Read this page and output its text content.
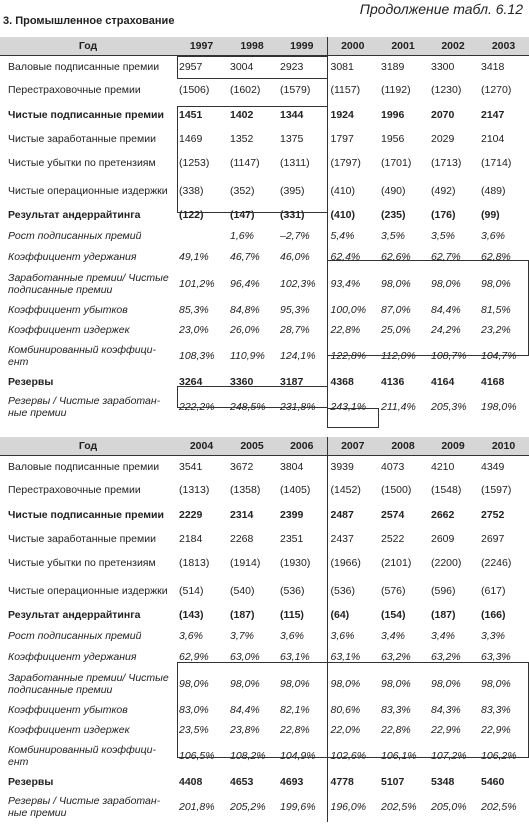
Продолжение табл. 6.12
3. Промышленное страхование
Год	1997	1998	1999	2000	2001	2002	2003
Валовые подписанные премии	2957	3004	2923	3081	3189	3300	3418
Перестраховочные премии	(1506)	(1602)	(1579)	(1157)	(1192)	(1230)	(1270)
Чистые подписанные премии	1451	1402	1344	1924	1996	2070	2147
Чистые заработанные премии	1469	1352	1375	1797	1956	2029	2104
Чистые убытки по претензиям	(1253)	(1147)	(1311)	(1797)	(1701)	(1713)	(1714)
Чистые операционные издержки	(338)	(352)	(395)	(410)	(490)	(492)	(489)
Результат андеррайтинга	(122)	(147)	(331)	(410)	(235)	(176)	(99)
Рост подписанных премий		1,6%	–2,7%	5,4%	3,5%	3,5%	3,6%
Коэффициент удержания	49,1%	46,7%	46,0%	62,4%	62,6%	62,7%	62,8%
Заработанные премии/ Чистые подписанные премии	101,2%	96,4%	102,3%	93,4%	98,0%	98,0%	98,0%
Коэффициент убытков	85,3%	84,8%	95,3%	100,0%	87,0%	84,4%	81,5%
Коэффициент издержек	23,0%	26,0%	28,7%	22,8%	25,0%	24,2%	23,2%
Комбинированный коэффици- ент	108,3%	110,9%	124,1%	122,8%	112,0%	108,7%	104,7%
Резервы	3264	3360	3187	4368	4136	4164	4168
Резервы / Чистые заработан- ные премии	222,2%	248,5%	231,8%	243,1%	211,4%	205,3%	198,0%
Год	2004	2005	2006	2007	2008	2009	2010
Валовые подписанные премии	3541	3672	3804	3939	4073	4210	4349
Перестраховочные премии	(1313)	(1358)	(1405)	(1452)	(1500)	(1548)	(1597)
Чистые подписанные премии	2229	2314	2399	2487	2574	2662	2752
Чистые заработанные премии	2184	2268	2351	2437	2522	2609	2697
Чистые убытки по претензиям	(1813)	(1914)	(1930)	(1966)	(2101)	(2200)	(2246)
Чистые операционные издержки	(514)	(540)	(536)	(536)	(576)	(596)	(617)
Результат андеррайтинга	(143)	(187)	(115)	(64)	(154)	(187)	(166)
Рост подписанных премий	3,6%	3,7%	3,6%	3,6%	3,4%	3,4%	3,3%
Коэффициент удержания	62,9%	63,0%	63,1%	63,1%	63,2%	63,2%	63,3%
Заработанные премии/ Чистые подписанные премии	98,0%	98,0%	98,0%	98,0%	98,0%	98,0%	98,0%
Коэффициент убытков	83,0%	84,4%	82,1%	80,6%	83,3%	84,3%	83,3%
Коэффициент издержек	23,5%	23,8%	22,8%	22,0%	22,8%	22,9%	22,9%
Комбинированный коэффици- ент	106,5%	108,2%	104,9%	102,6%	106,1%	107,2%	106,2%
Резервы	4408	4653	4693	4778	5107	5348	5460
Резервы / Чистые заработан- ные премии	201,8%	205,2%	199,6%	196,0%	202,5%	205,0%	202,5%
